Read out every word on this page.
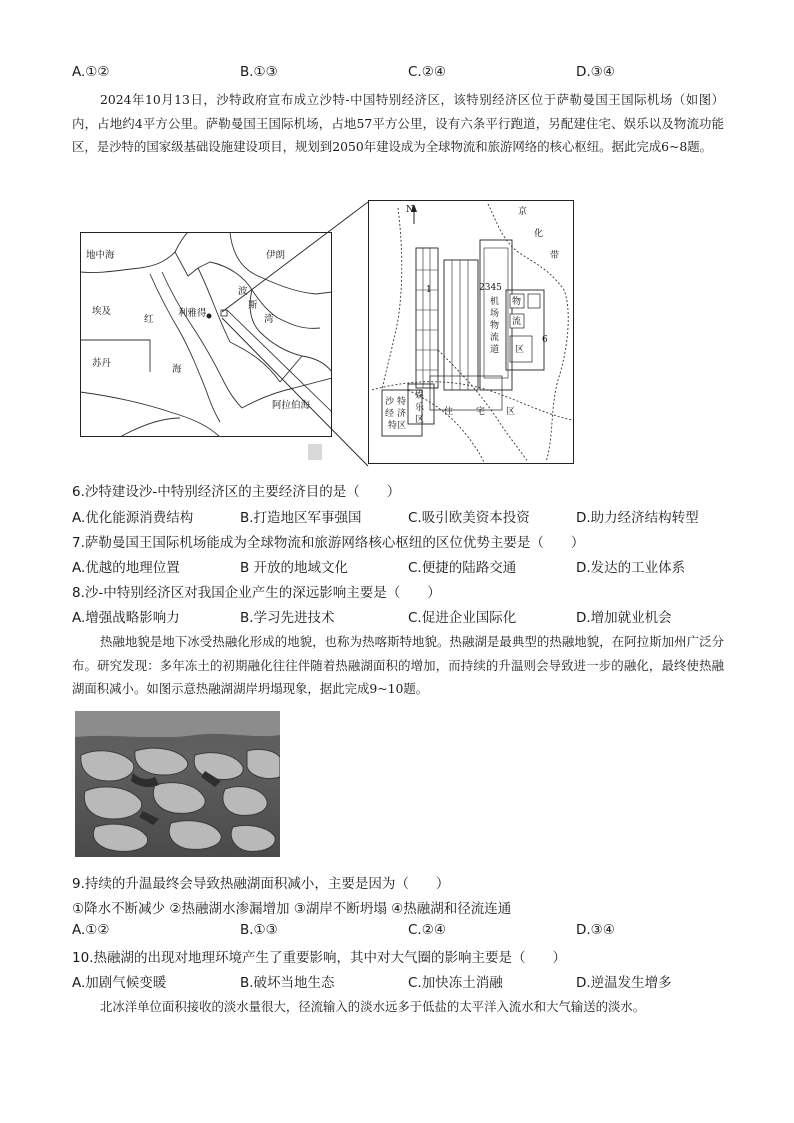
A.①②	B.①③	C.②④	D.③④

2024年10月13日，沙特政府宣布成立沙特-中国特别经济区，该特别经济区位于萨勒曼国王国际机场（如图）内，占地约4平方公里。萨勒曼国王国际机场，占地57平方公里，设有六条平行跑道，另配建住宅、娱乐以及物流功能区，是沙特的国家级基础设施建设项目，规划到2050年建设成为全球物流和旅游网络的核心枢纽。据此完成6~8题。

地中海	伊朗
埃及	利雅得
苏丹
红
海
波
斯
湾
阿拉伯海
N	京
化
带
1	2345
6
机
场
物
流
道
物
流
区
沙 特
经 济
特区
娱
乐
区
住	宅 区
6.沙特建设沙-中特别经济区的主要经济目的是（　　）
A.优化能源消费结构	B.打造地区军事强国	C.吸引欧美资本投资	D.助力经济结构转型
7.萨勒曼国王国际机场能成为全球物流和旅游网络核心枢纽的区位优势主要是（　　）
A.优越的地理位置	B 开放的地域文化	C.便捷的陆路交通	D.发达的工业体系
8.沙-中特别经济区对我国企业产生的深远影响主要是（　　）
A.增强战略影响力	B.学习先进技术	C.促进企业国际化	D.增加就业机会

热融地貌是地下冰受热融化形成的地貌，也称为热喀斯特地貌。热融湖是最典型的热融地貌，在阿拉斯加州广泛分布。研究发现：多年冻土的初期融化往往伴随着热融湖面积的增加，而持续的升温则会导致进一步的融化，最终使热融湖面积减小。如图示意热融湖湖岸坍塌现象，据此完成9~10题。

9.持续的升温最终会导致热融湖面积减小，主要是因为（　　）
①降水不断减少 ②热融湖水渗漏增加 ③湖岸不断坍塌 ④热融湖和径流连通
A.①②	B.①③	C.②④	D.③④
10.热融湖的出现对地理环境产生了重要影响，其中对大气圈的影响主要是（　　）
A.加剧气候变暖	B.破坏当地生态	C.加快冻土消融	D.逆温发生增多

北冰洋单位面积接收的淡水量很大，径流输入的淡水远多于低盐的太平洋入流水和大气输送的淡水。
